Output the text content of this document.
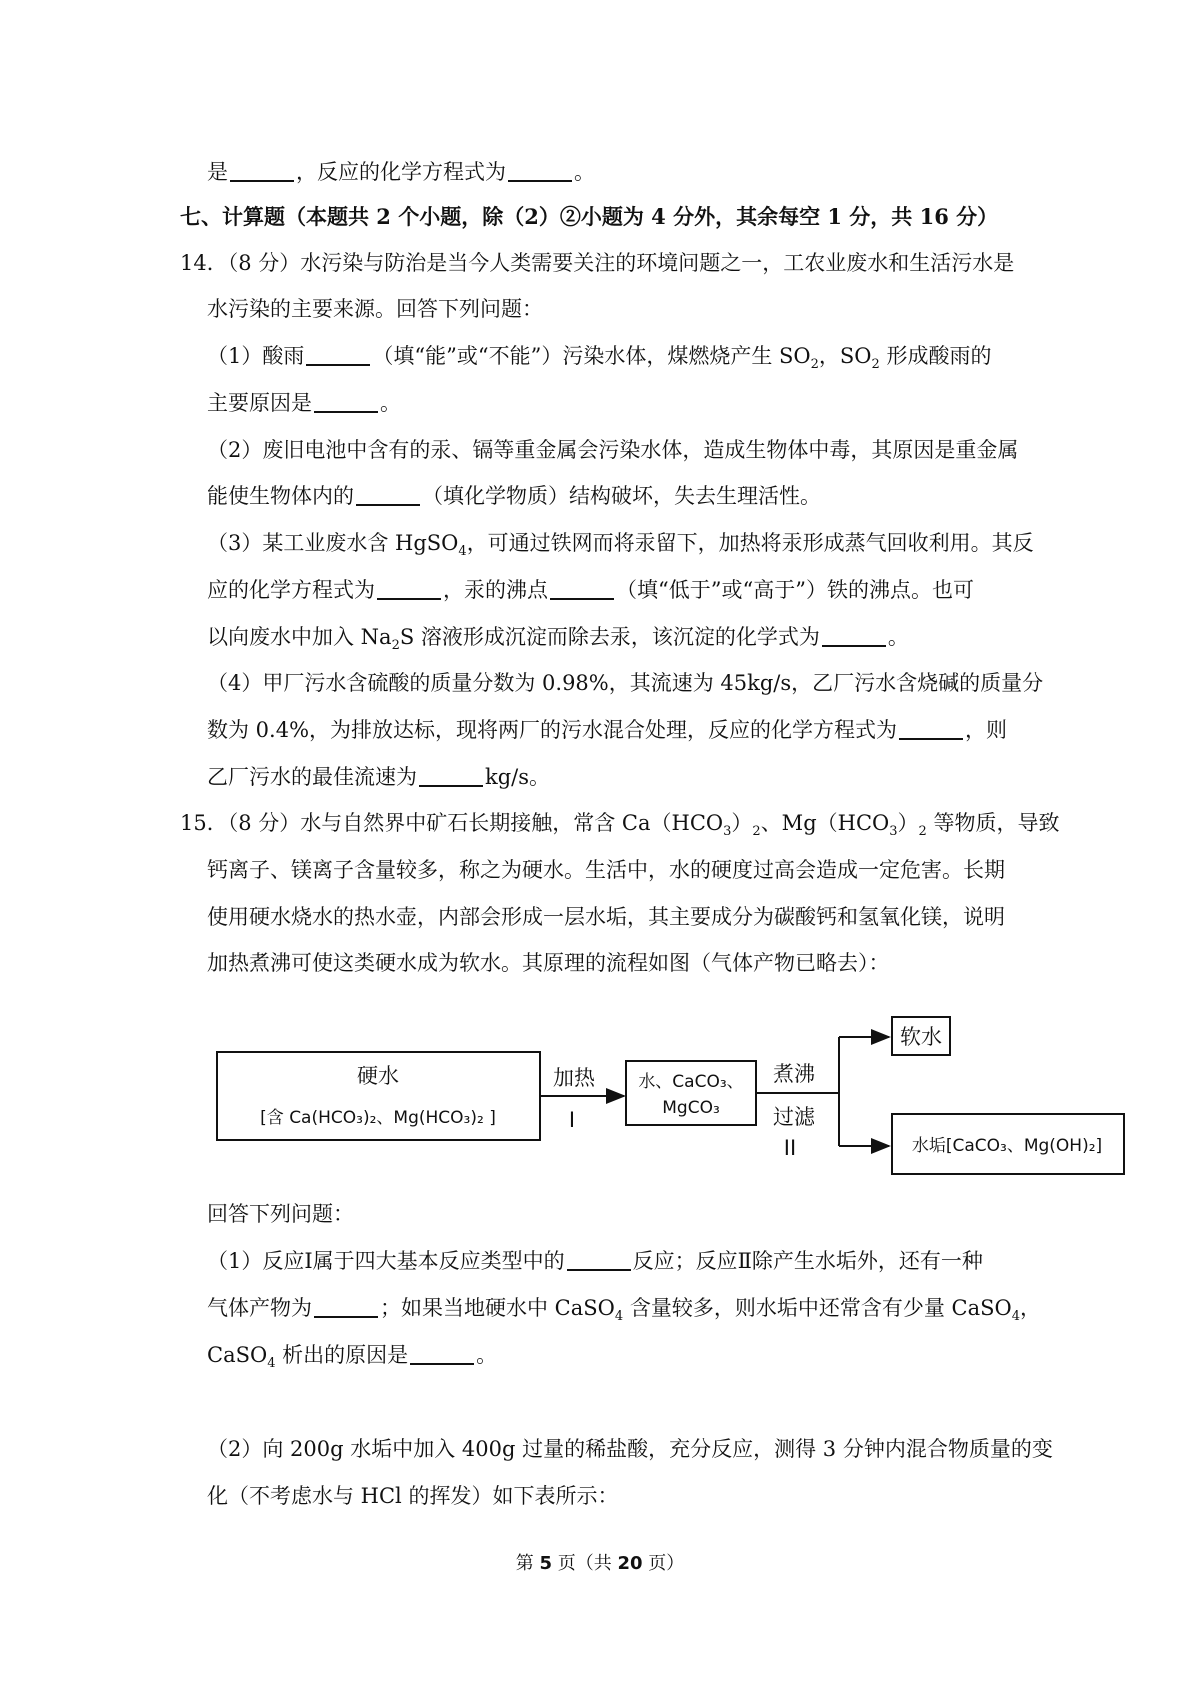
是	，反应的化学方程式为	。
七、计算题（本题共 2 个小题，除（2）②小题为 4 分外，其余每空 1 分，共 16 分）
14．（8 分）水污染与防治是当今人类需要关注的环境问题之一，工农业废水和生活污水是
水污染的主要来源。回答下列问题：
（1）酸雨	（填“能”或“不能”）污染水体，煤燃烧产生 $SO_2$，$SO_2$ 形成酸雨的
主要原因是	。
（2）废旧电池中含有的汞、镉等重金属会污染水体，造成生物体中毒，其原因是重金属
能使生物体内的	（填化学物质）结构破坏，失去生理活性。
（3）某工业废水含 HgSO$_4$，可通过铁网而将汞留下，加热将汞形成蒸气回收利用。其反
应的化学方程式为	，汞的沸点	（填“低于”或“高于”）铁的沸点。也可
以向废水中加入 $Na_2S$ 溶液形成沉淀而除去汞，该沉淀的化学式为	。
（4）甲厂污水含硫酸的质量分数为 0.98%，其流速为 45kg/s，乙厂污水含烧碱的质量分
数为 0.4%，为排放达标，现将两厂的污水混合处理，反应的化学方程式为	，则
乙厂污水的最佳流速为	kg/s。
15．（8 分）水与自然界中矿石长期接触，常含 $Ca(HCO_3)_2$、$Mg(HCO_3)_2$ 等物质，导致
钙离子、镁离子含量较多，称之为硬水。生活中，水的硬度过高会造成一定危害。长期
使用硬水烧水的热水壶，内部会形成一层水垢，其主要成分为碳酸钙和氢氧化镁，说明
加热煮沸可使这类硬水成为软水。其原理的流程如图（气体产物已略去）：
硬水
[含 Ca(HCO₃)₂、Mg(HCO₃)₂ ]
加热
I
水、CaCO₃、
MgCO₃
煮沸
过滤
II
软水
水垢[CaCO₃、Mg(OH)₂]
回答下列问题：
（1）反应Ⅰ属于四大基本反应类型中的	反应；反应Ⅱ除产生水垢外，还有一种
气体产物为	；如果当地硬水中 CaSO$_4$ 含量较多，则水垢中还常含有少量 CaSO$_4$，
CaSO$_4$ 析出的原因是	。
（2）向 200g 水垢中加入 400g 过量的稀盐酸，充分反应，测得 3 分钟内混合物质量的变
化（不考虑水与 HCl 的挥发）如下表所示：
第 5 页（共 20 页）
